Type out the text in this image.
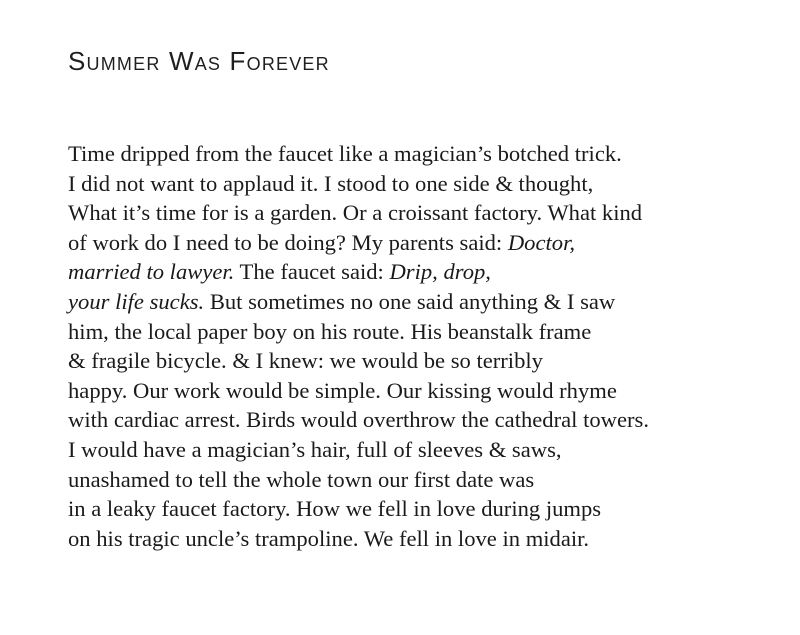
Summer Was Forever
Time dripped from the faucet like a magician’s botched trick.
I did not want to applaud it. I stood to one side & thought,
What it’s time for is a garden. Or a croissant factory. What kind
of work do I need to be doing? My parents said: Doctor,
married to lawyer. The faucet said: Drip, drop,
your life sucks. But sometimes no one said anything & I saw
him, the local paper boy on his route. His beanstalk frame
& fragile bicycle. & I knew: we would be so terribly
happy. Our work would be simple. Our kissing would rhyme
with cardiac arrest. Birds would overthrow the cathedral towers.
I would have a magician’s hair, full of sleeves & saws,
unashamed to tell the whole town our first date was
in a leaky faucet factory. How we fell in love during jumps
on his tragic uncle’s trampoline. We fell in love in midair.
